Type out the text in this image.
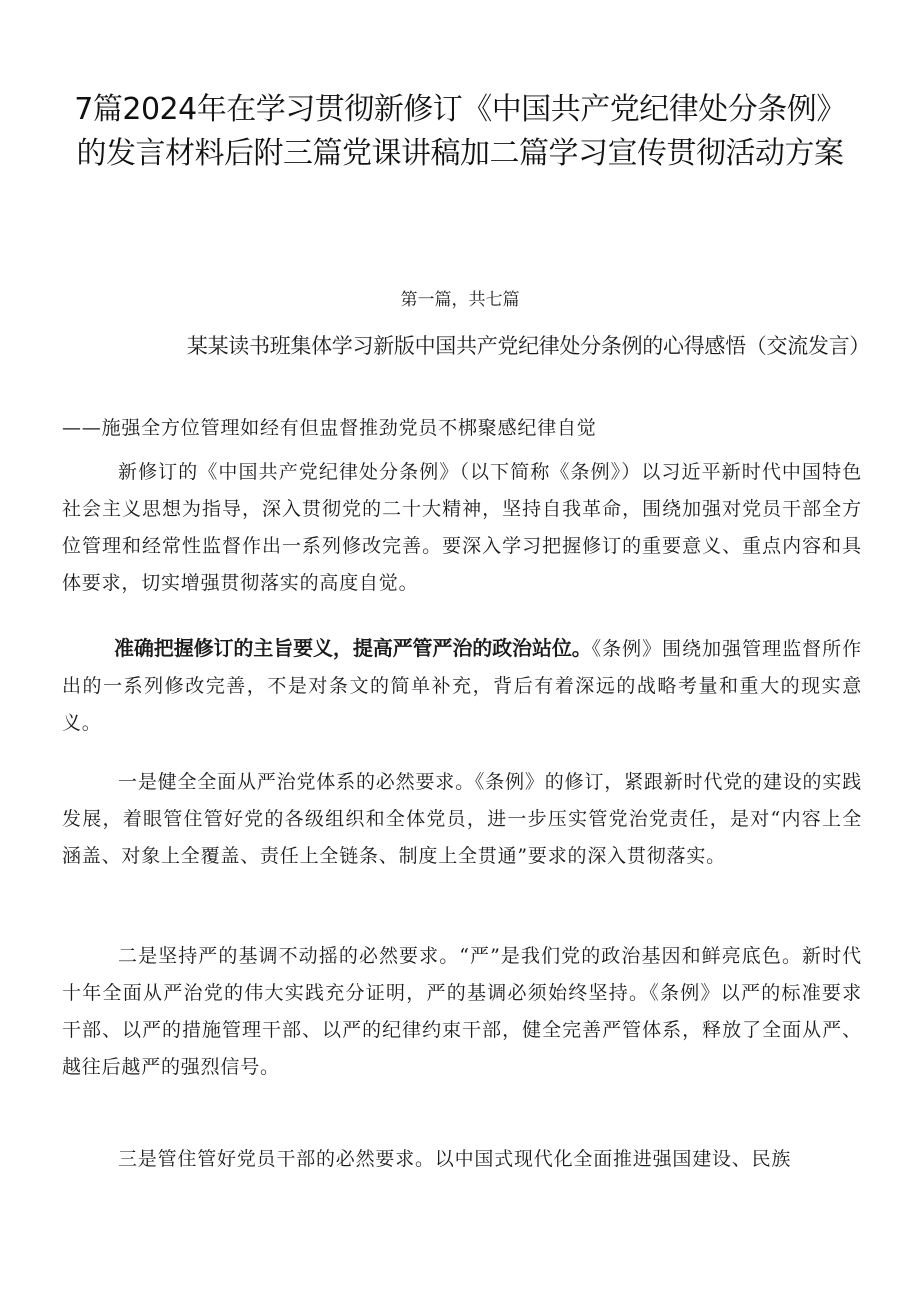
7篇2024年在学习贯彻新修订《中国共产党纪律处分条例》的发言材料后附三篇党课讲稿加二篇学习宣传贯彻活动方案
第一篇，共七篇
某某读书班集体学习新版中国共产党纪律处分条例的心得感悟（交流发言）
——施强全方位管理如经有但盅督推劲党员不梆聚感纪律自觉
新修订的《中国共产党纪律处分条例》（以下简称《条例》）以习近平新时代中国特色社会主义思想为指导，深入贯彻党的二十大精神，坚持自我革命，围绕加强对党员干部全方位管理和经常性监督作出一系列修改完善。要深入学习把握修订的重要意义、重点内容和具体要求，切实增强贯彻落实的高度自觉。
准确把握修订的主旨要义，提高严管严治的政治站位。《条例》围绕加强管理监督所作出的一系列修改完善，不是对条文的简单补充，背后有着深远的战略考量和重大的现实意义。
一是健全全面从严治党体系的必然要求。《条例》的修订，紧跟新时代党的建设的实践发展，着眼管住管好党的各级组织和全体党员，进一步压实管党治党责任，是对“内容上全涵盖、对象上全覆盖、责任上全链条、制度上全贯通”要求的深入贯彻落实。
二是坚持严的基调不动摇的必然要求。“严”是我们党的政治基因和鲜亮底色。新时代十年全面从严治党的伟大实践充分证明，严的基调必须始终坚持。《条例》以严的标准要求干部、以严的措施管理干部、以严的纪律约束干部，健全完善严管体系，释放了全面从严、越往后越严的强烈信号。
三是管住管好党员干部的必然要求。以中国式现代化全面推进强国建设、民族
